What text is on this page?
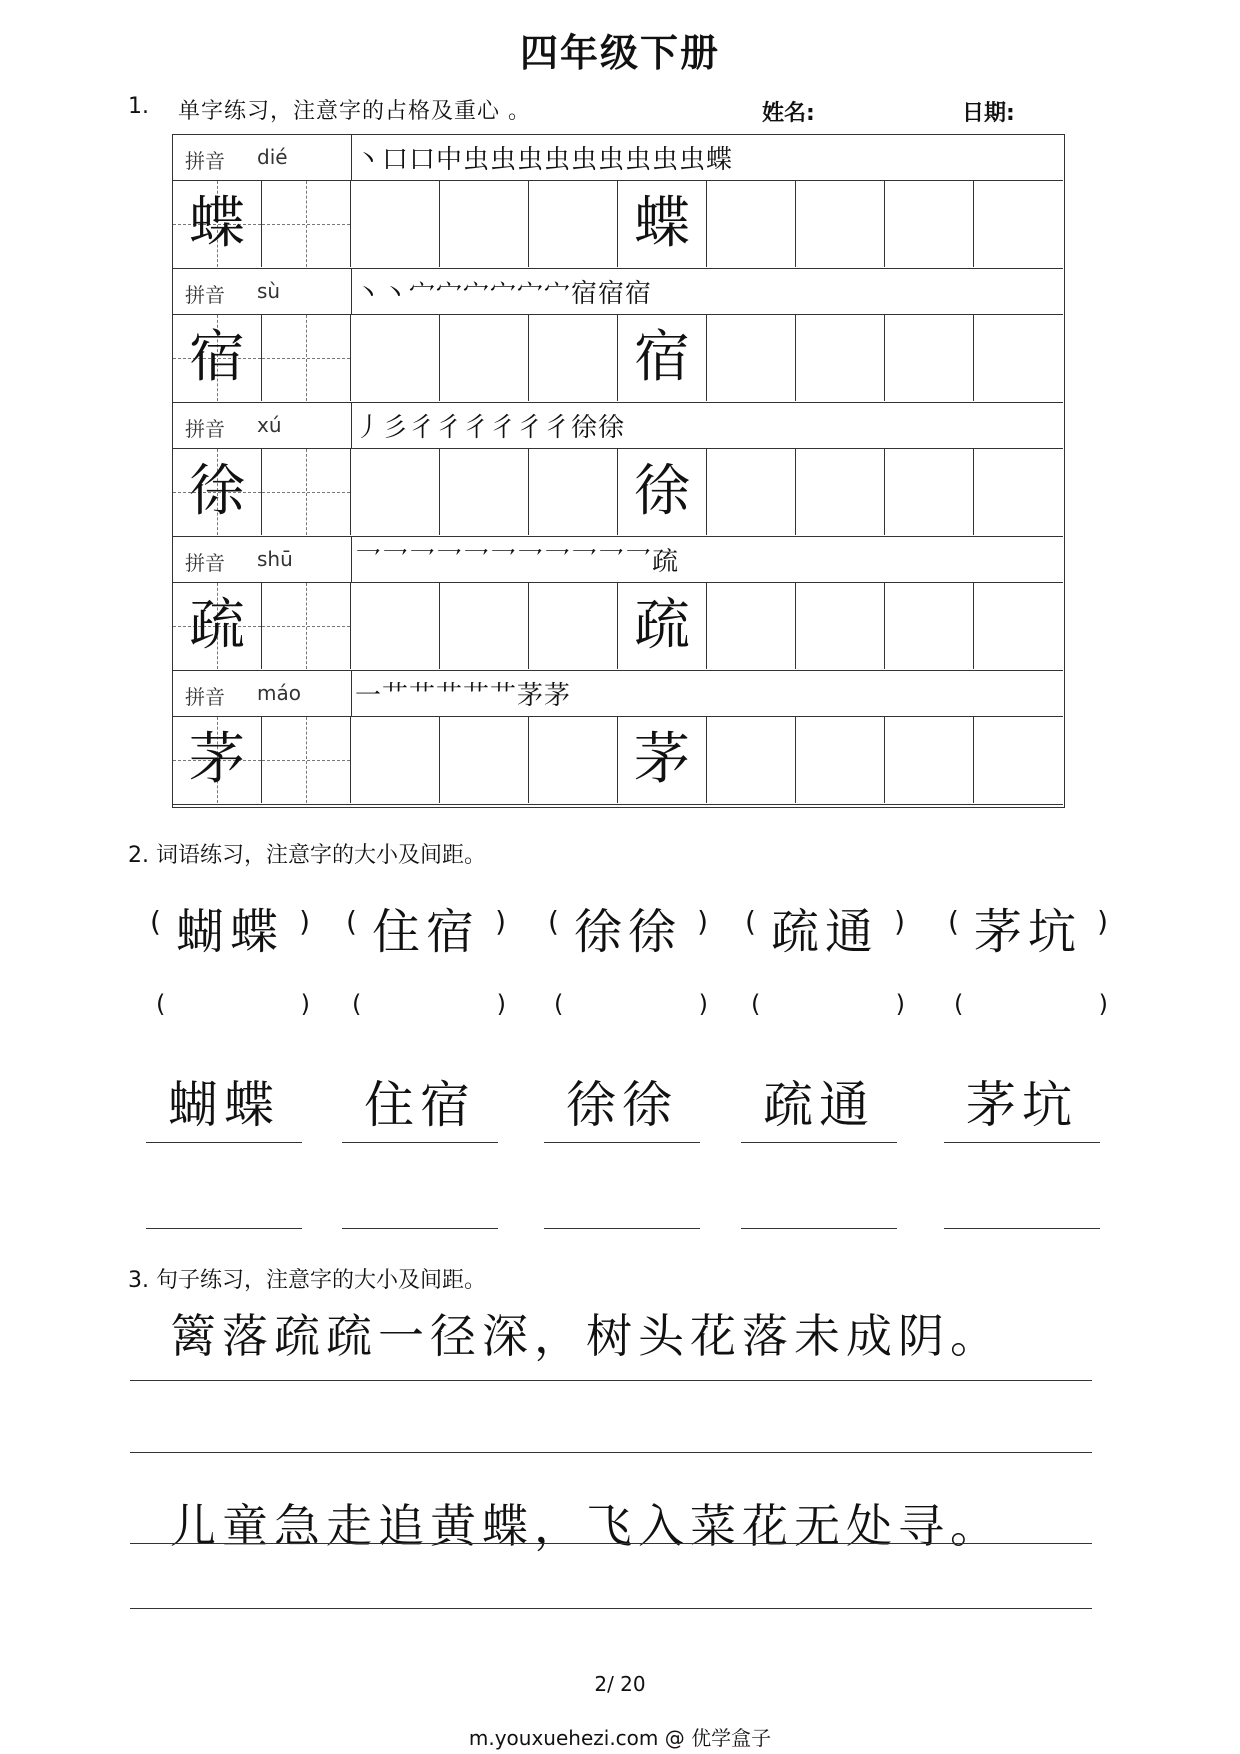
四年级下册
1. 单字练习，注意字的占格及重心 。	姓名:	日期:
拼音 dié	丶口口中虫虫虫虫虫虫虫虫虫蝶
蝶	蝶
拼音 sù	丶丶宀宀宀宀宀宀宿宿宿
宿	宿
拼音 xú	丿彡彳彳彳彳彳彳徐徐
徐	徐
拼音 shū 乛乛乛乛乛乛乛乛乛乛乛疏
疏	疏
拼音 máo 一艹艹艹艹艹茅茅
茅	茅
2. 词语练习，注意字的大小及间距。
( 蝴蝶 )
(	)
蝴蝶
( 住宿 )
(	)
住宿
( 徐徐 )
(	)
徐徐
( 疏通 )
(	)
疏通
( 茅坑 )
(	)
茅坑
3. 句子练习，注意字的大小及间距。
篱落疏疏一径深，树头花落未成阴。
儿童急走追黄蝶，飞入菜花无处寻。
2/ 20
m.youxuehezi.com @ 优学盒子
